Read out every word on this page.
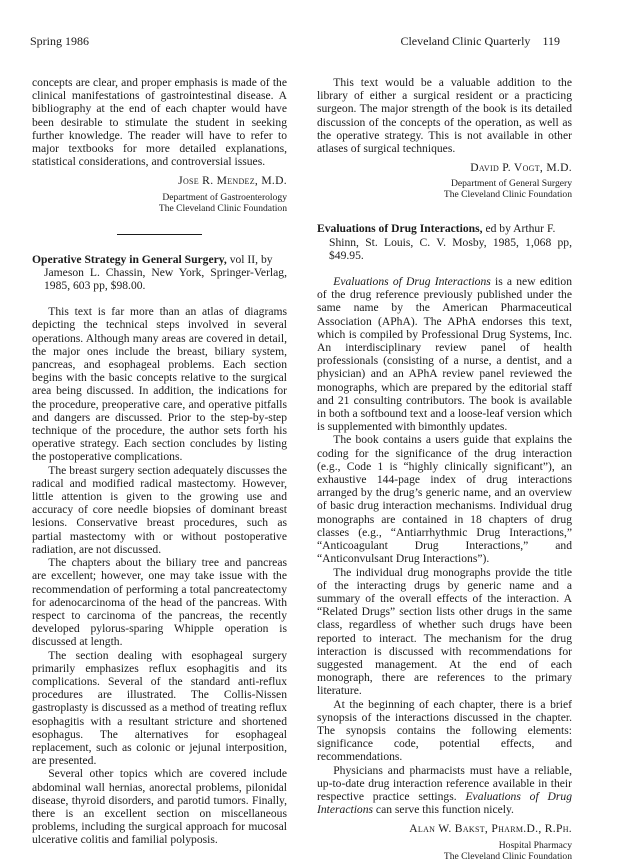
Spring 1986	Cleveland Clinic Quarterly 119

concepts are clear, and proper emphasis is made of the clinical manifestations of gastrointestinal disease. A bibliography at the end of each chapter would have been desirable to stimulate the student in seeking further knowledge. The reader will have to refer to major textbooks for more detailed explanations, statistical considerations, and controversial issues.

Jose R. Mendez, M.D.
Department of Gastroenterology
The Cleveland Clinic Foundation
Operative Strategy in General Surgery, vol II, by
Jameson L. Chassin, New York, Springer-Verlag, 1985, 603 pp, $98.00.

This text is far more than an atlas of diagrams depicting the technical steps involved in several operations. Although many areas are covered in detail, the major ones include the breast, biliary system, pancreas, and esophageal problems. Each section begins with the basic concepts relative to the surgical area being discussed. In addition, the indications for the procedure, preoperative care, and operative pitfalls and dangers are discussed. Prior to the step-by-step technique of the procedure, the author sets forth his operative strategy. Each section concludes by listing the postoperative complications.

The breast surgery section adequately discusses the radical and modified radical mastectomy. However, little attention is given to the growing use and accuracy of core needle biopsies of dominant breast lesions. Conservative breast procedures, such as partial mastectomy with or without postoperative radiation, are not discussed.

The chapters about the biliary tree and pancreas are excellent; however, one may take issue with the recommendation of performing a total pancreatectomy for adenocarcinoma of the head of the pancreas. With respect to carcinoma of the pancreas, the recently developed pylorus-sparing Whipple operation is discussed at length.

The section dealing with esophageal surgery primarily emphasizes reflux esophagitis and its complications. Several of the standard anti-reflux procedures are illustrated. The Collis-Nissen gastroplasty is discussed as a method of treating reflux esophagitis with a resultant stricture and shortened esophagus. The alternatives for esophageal replacement, such as colonic or jejunal interposition, are presented.

Several other topics which are covered include abdominal wall hernias, anorectal problems, pilonidal disease, thyroid disorders, and parotid tumors. Finally, there is an excellent section on miscellaneous problems, including the surgical approach for mucosal ulcerative colitis and familial polyposis.

This text would be a valuable addition to the library of either a surgical resident or a practicing surgeon. The major strength of the book is its detailed discussion of the concepts of the operation, as well as the operative strategy. This is not available in other atlases of surgical techniques.

David P. Vogt, M.D.
Department of General Surgery
The Cleveland Clinic Foundation
Evaluations of Drug Interactions, ed by Arthur F.
Shinn, St. Louis, C. V. Mosby, 1985, 1,068 pp, $49.95.

Evaluations of Drug Interactions is a new edition of the drug reference previously published under the same name by the American Pharmaceutical Association (APhA). The APhA endorses this text, which is compiled by Professional Drug Systems, Inc. An interdisciplinary review panel of health professionals (consisting of a nurse, a dentist, and a physician) and an APhA review panel reviewed the monographs, which are prepared by the editorial staff and 21 consulting contributors. The book is available in both a softbound text and a loose-leaf version which is supplemented with bimonthly updates.

The book contains a users guide that explains the coding for the significance of the drug interaction (e.g., Code 1 is “highly clinically significant”), an exhaustive 144-page index of drug interactions arranged by the drug’s generic name, and an overview of basic drug interaction mechanisms. Individual drug monographs are contained in 18 chapters of drug classes (e.g., “Antiarrhythmic Drug Interactions,” “Anticoagulant Drug Interactions,” and “Anticonvulsant Drug Interactions”).

The individual drug monographs provide the title of the interacting drugs by generic name and a summary of the overall effects of the interaction. A “Related Drugs” section lists other drugs in the same class, regardless of whether such drugs have been reported to interact. The mechanism for the drug interaction is discussed with recommendations for suggested management. At the end of each monograph, there are references to the primary literature.

At the beginning of each chapter, there is a brief synopsis of the interactions discussed in the chapter. The synopsis contains the following elements: significance code, potential effects, and recommendations.

Physicians and pharmacists must have a reliable, up-to-date drug interaction reference available in their respective practice settings. Evaluations of Drug Interactions can serve this function nicely.

Alan W. Bakst, Pharm.D., R.Ph.
Hospital Pharmacy
The Cleveland Clinic Foundation
